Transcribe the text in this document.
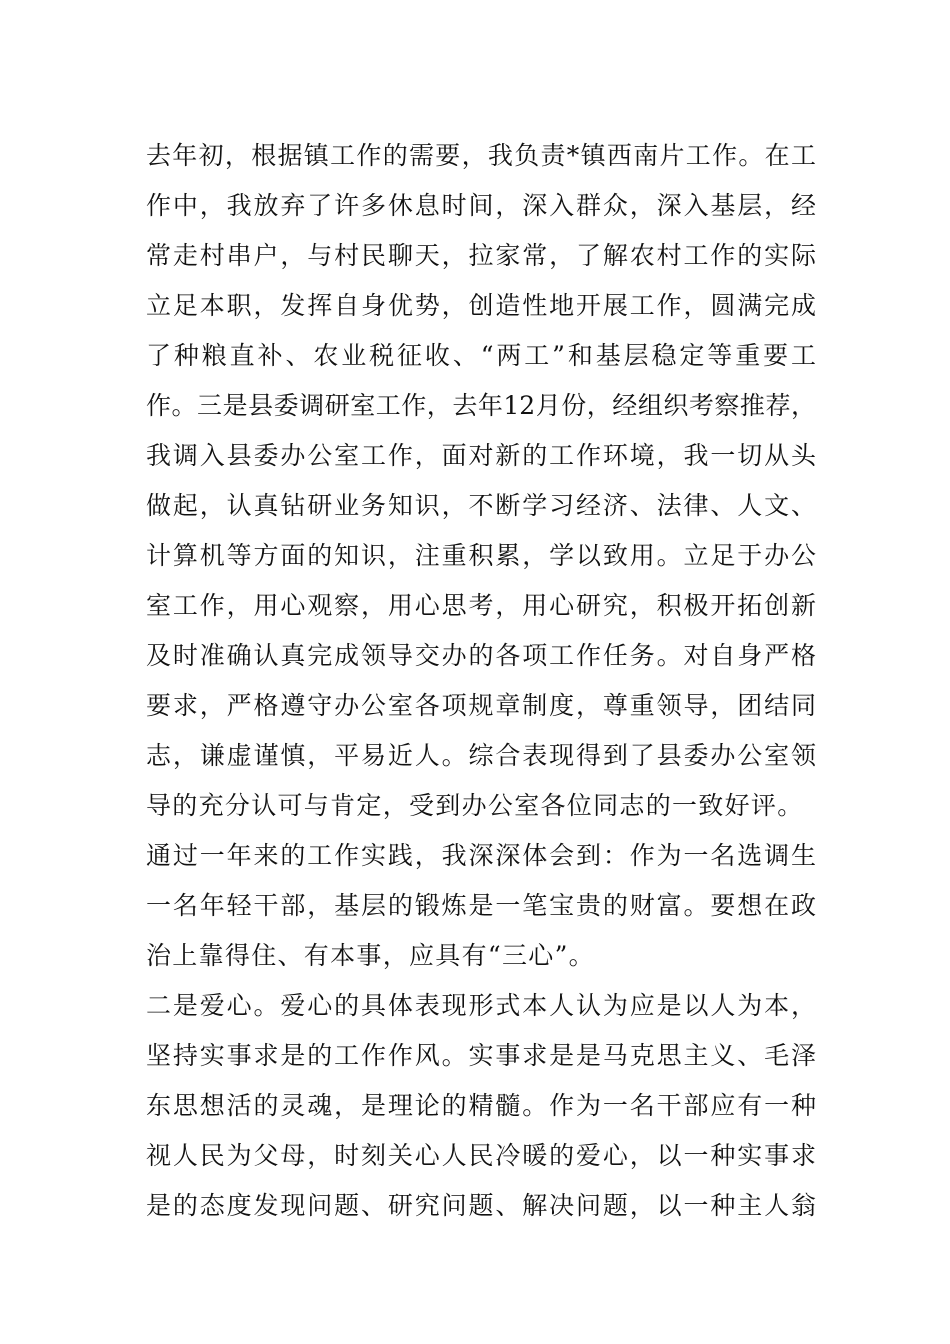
去年初，根据镇工作的需要，我负责*镇西南片工作。在工
作中，我放弃了许多休息时间，深入群众，深入基层，经
常走村串户，与村民聊天，拉家常，了解农村工作的实际
立足本职，发挥自身优势，创造性地开展工作，圆满完成
了种粮直补、农业税征收、“两工”和基层稳定等重要工
作。三是县委调研室工作，去年12月份，经组织考察推荐，
我调入县委办公室工作，面对新的工作环境，我一切从头
做起，认真钻研业务知识，不断学习经济、法律、人文、
计算机等方面的知识，注重积累，学以致用。立足于办公
室工作，用心观察，用心思考，用心研究，积极开拓创新
及时准确认真完成领导交办的各项工作任务。对自身严格
要求，严格遵守办公室各项规章制度，尊重领导，团结同
志，谦虚谨慎，平易近人。综合表现得到了县委办公室领
导的充分认可与肯定，受到办公室各位同志的一致好评。
通过一年来的工作实践，我深深体会到：作为一名选调生
一名年轻干部，基层的锻炼是一笔宝贵的财富。要想在政
治上靠得住、有本事，应具有“三心”。
二是爱心。爱心的具体表现形式本人认为应是以人为本，
坚持实事求是的工作作风。实事求是是马克思主义、毛泽
东思想活的灵魂，是理论的精髓。作为一名干部应有一种
视人民为父母，时刻关心人民冷暖的爱心，以一种实事求
是的态度发现问题、研究问题、解决问题，以一种主人翁
